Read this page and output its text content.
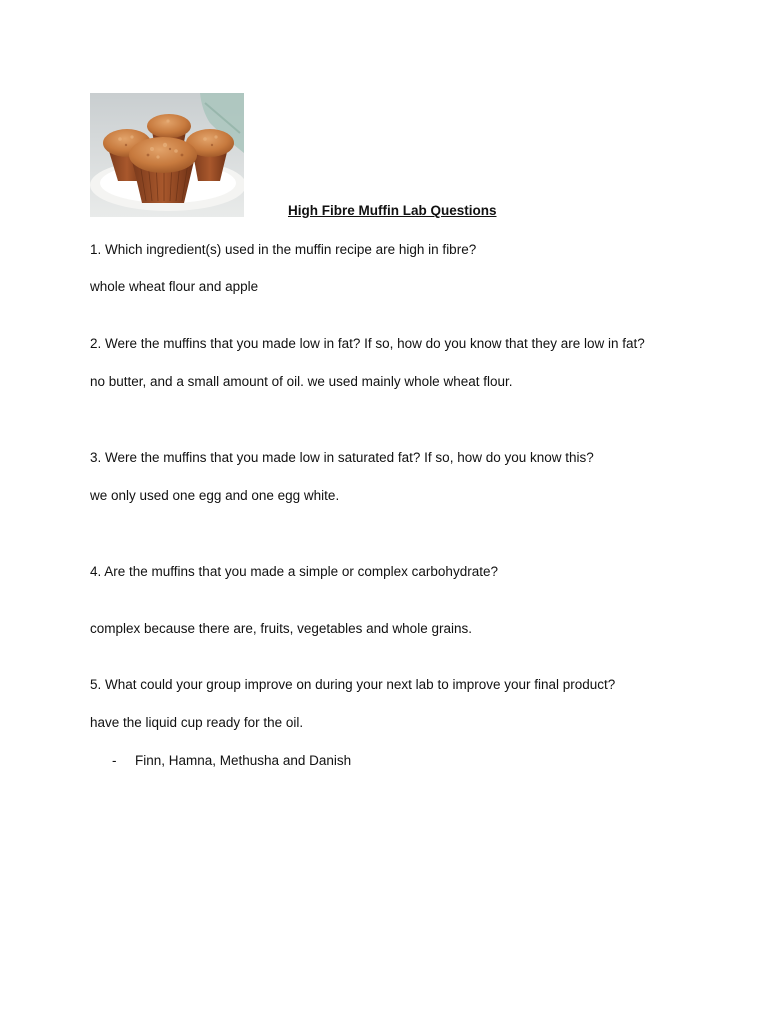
High Fibre Muffin Lab Questions
1. Which ingredient(s) used in the muffin recipe are high in fibre?
whole wheat flour and apple
2. Were the muffins that you made low in fat? If so, how do you know that they are low in fat?
no butter, and a small amount of oil. we used mainly whole wheat flour.
3. Were the muffins that you made low in saturated fat? If so, how do you know this?
we only used one egg and one egg white.
4. Are the muffins that you made a simple or complex carbohydrate?
complex because there are, fruits, vegetables and whole grains.
5. What could your group improve on during your next lab to improve your final product?
have the liquid cup ready for the oil.
- Finn, Hamna, Methusha and Danish
